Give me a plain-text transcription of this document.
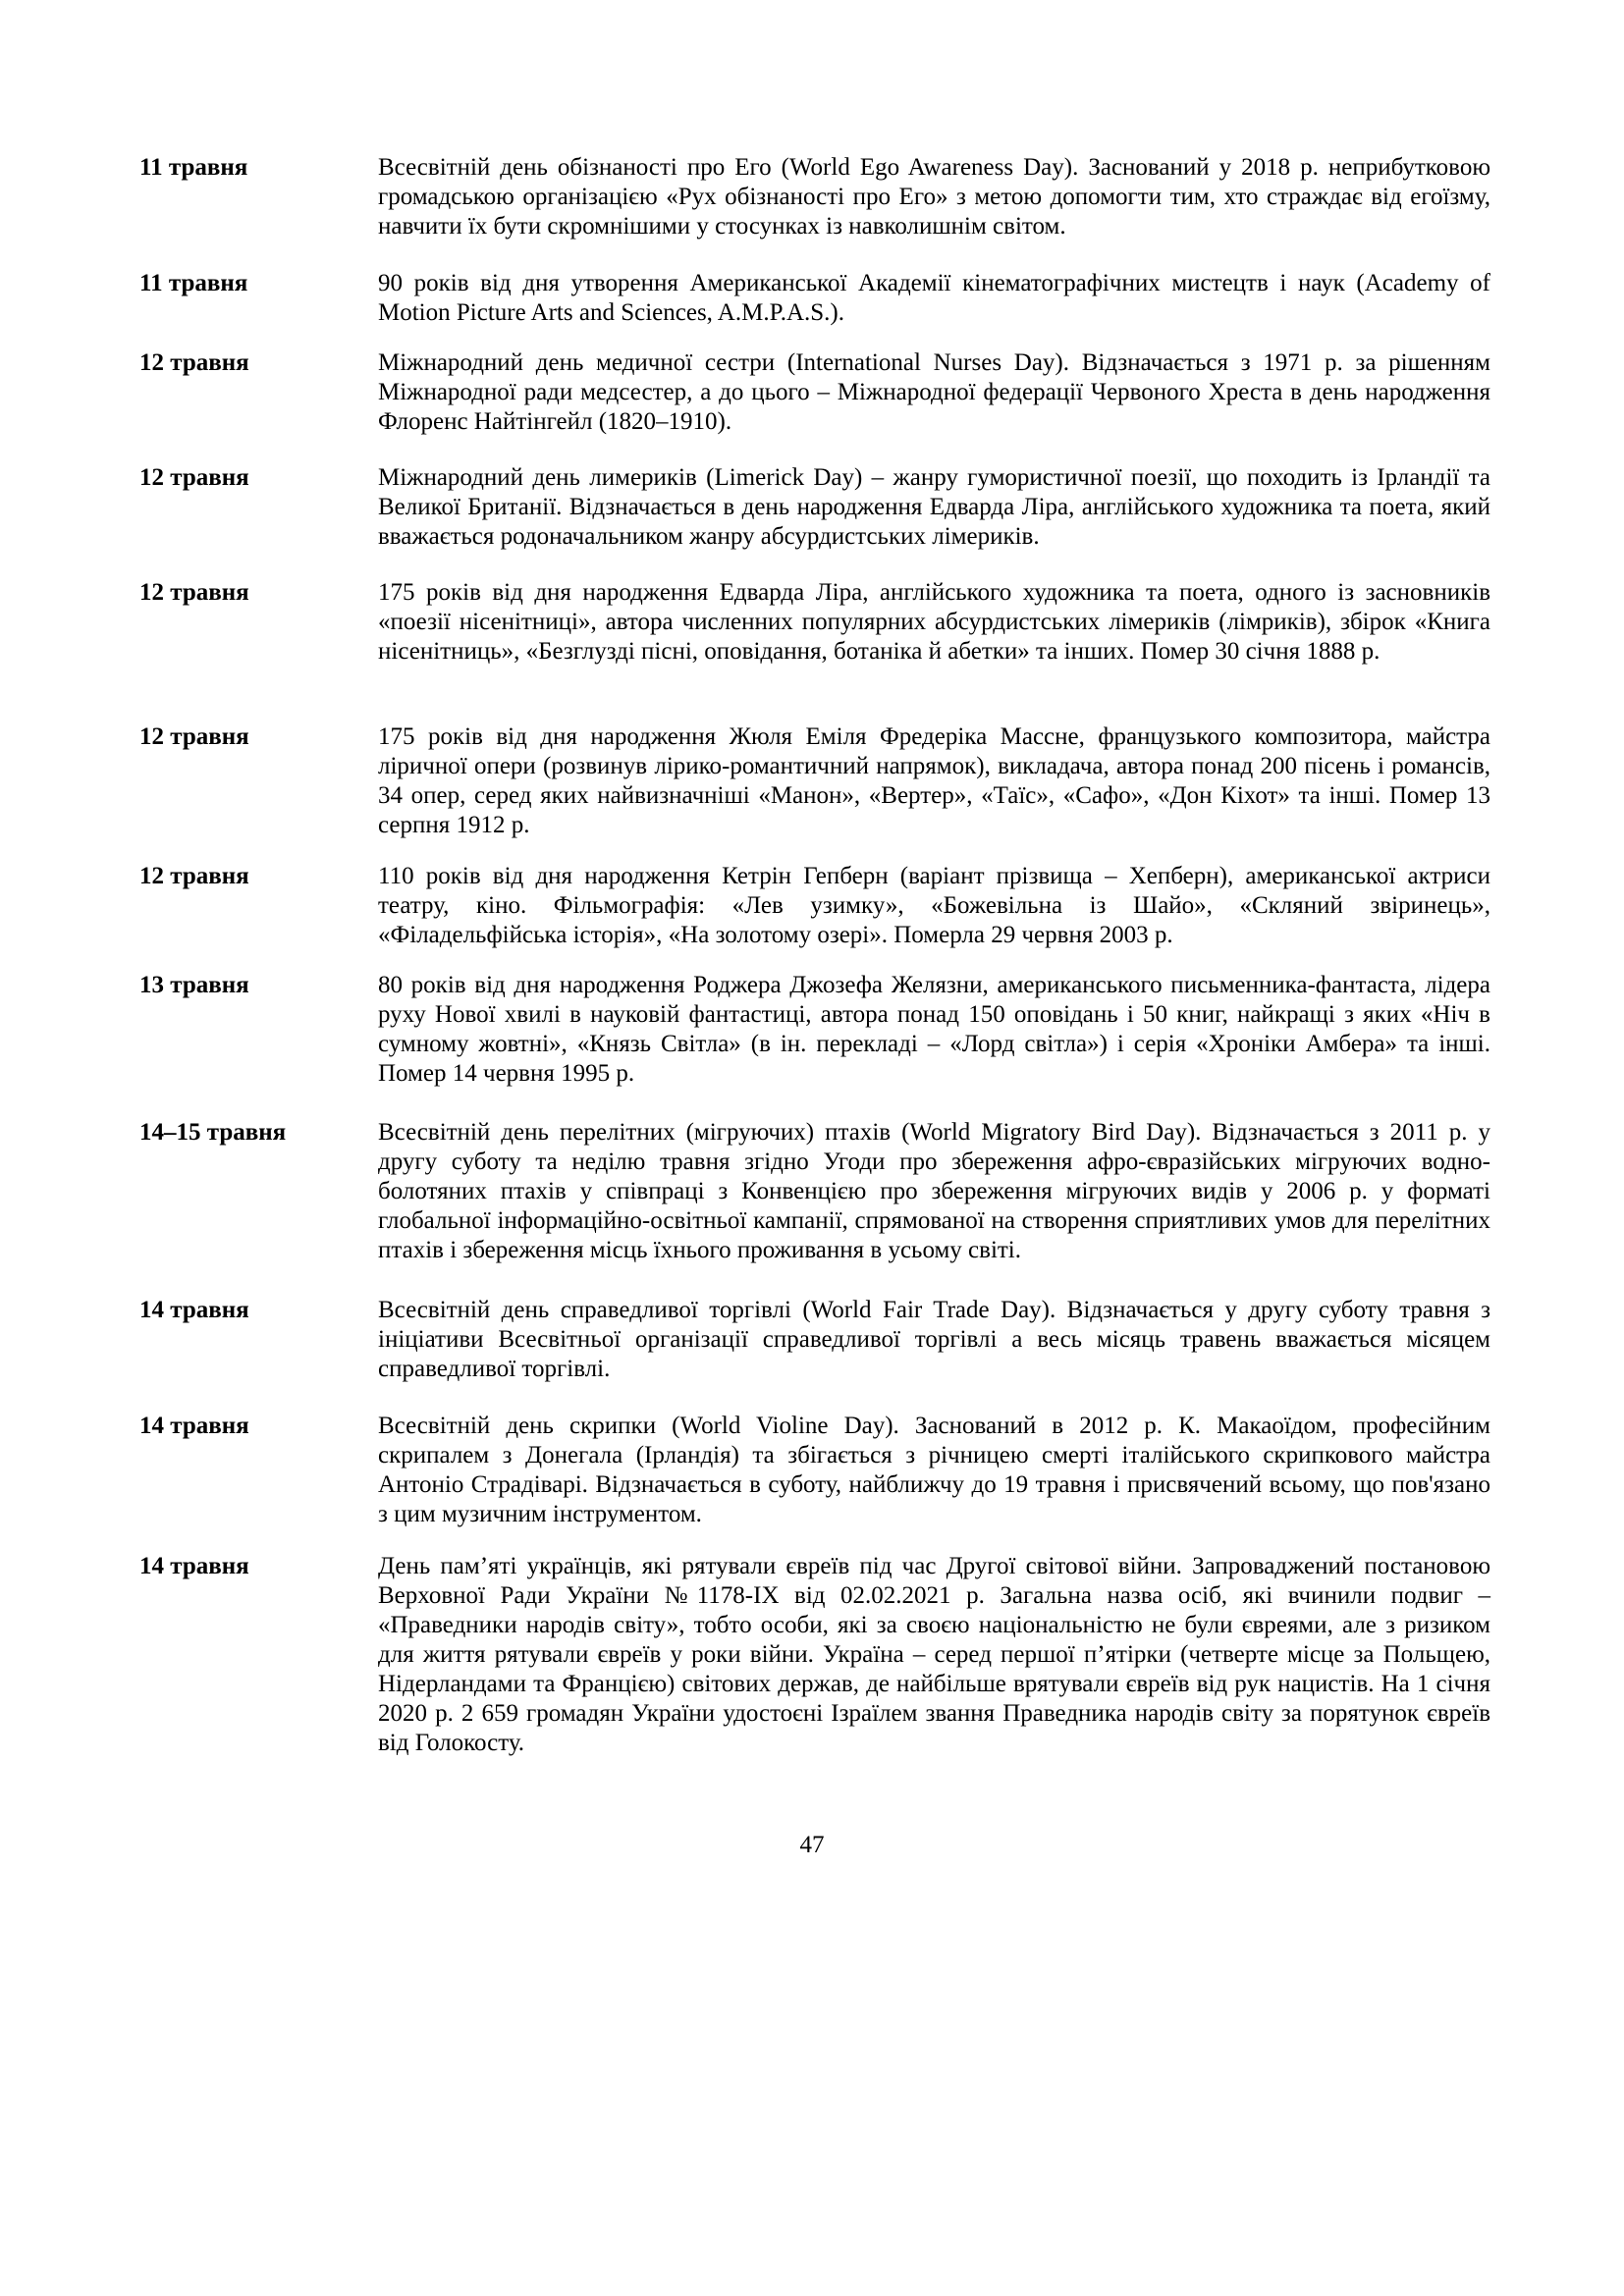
11 травня	Всесвітній день обізнаності про Его (World Ego Awareness Day). Заснований у 2018 р. неприбутковою громадською організацією «Рух обізнаності про Его» з метою допомогти тим, хто страждає від егоїзму, навчити їх бути скромнішими у стосунках із навколишнім світом.
11 травня	90 років від дня утворення Американської Академії кінематографічних мистецтв і наук (Academy of Motion Picture Arts and Sciences, A.M.P.A.S.).
12 травня	Міжнародний день медичної сестри (International Nurses Day). Відзначається з 1971 р. за рішенням Міжнародної ради медсестер, а до цього – Міжнародної федерації Червоного Хреста в день народження Флоренс Найтінгейл (1820–1910).
12 травня	Міжнародний день лимериків (Limerick Day) – жанру гумористичної поезії, що походить із Ірландії та Великої Британії. Відзначається в день народження Едварда Ліра, англійського художника та поета, який вважається родоначальником жанру абсурдистських лімериків.
12 травня	175 років від дня народження Едварда Ліра, англійського художника та поета, одного із засновників «поезії нісенітниці», автора численних популярних абсурдистських лімериків (лімриків), збірок «Книга нісенітниць», «Безглузді пісні, оповідання, ботаніка й абетки» та інших. Помер 30 січня 1888 р.
12 травня	175 років від дня народження Жюля Еміля Фредеріка Массне, французького композитора, майстра ліричної опери (розвинув лірико-романтичний напрямок), викладача, автора понад 200 пісень і романсів, 34 опер, серед яких найвизначніші «Манон», «Вертер», «Таїс», «Сафо», «Дон Кіхот» та інші. Помер 13 серпня 1912 р.
12 травня	110 років від дня народження Кетрін Гепберн (варіант прізвища – Хепберн), американської актриси театру, кіно. Фільмографія: «Лев узимку», «Божевільна із Шайо», «Скляний звіринець», «Філадельфійська історія», «На золотому озері». Померла 29 червня 2003 р.
13 травня	80 років від дня народження Роджера Джозефа Желязни, американського письменника-фантаста, лідера руху Нової хвилі в науковій фантастиці, автора понад 150 оповідань і 50 книг, найкращі з яких «Ніч в сумному жовтні», «Князь Світла» (в ін. перекладі – «Лорд світла») і серія «Хроніки Амбера» та інші. Помер 14 червня 1995 р.
14–15 травня	Всесвітній день перелітних (мігруючих) птахів (World Migratory Bird Day). Відзначається з 2011 р. у другу суботу та неділю травня згідно Угоди про збереження афро-євразійських мігруючих водно-болотяних птахів у співпраці з Конвенцією про збереження мігруючих видів у 2006 р. у форматі глобальної інформаційно-освітньої кампанії, спрямованої на створення сприятливих умов для перелітних птахів і збереження місць їхнього проживання в усьому світі.
14 травня	Всесвітній день справедливої торгівлі (World Fair Trade Day). Відзначається у другу суботу травня з ініціативи Всесвітньої організації справедливої торгівлі а весь місяць травень вважається місяцем справедливої торгівлі.
14 травня	Всесвітній день скрипки (World Violine Day). Заснований в 2012 р. К. Макаоїдом, професійним скрипалем з Донегала (Ірландія) та збігається з річницею смерті італійського скрипкового майстра Антоніо Страдіварі. Відзначається в суботу, найближчу до 19 травня і присвячений всьому, що пов'язано з цим музичним інструментом.
14 травня	День пам’яті українців, які рятували євреїв під час Другої світової війни. Запроваджений постановою Верховної Ради України №1178-IX від 02.02.2021 р. Загальна назва осіб, які вчинили подвиг – «Праведники народів світу», тобто особи, які за своєю національністю не були євреями, але з ризиком для життя рятували євреїв у роки війни. Україна – серед першої п’ятірки (четверте місце за Польщею, Нідерландами та Францією) світових держав, де найбільше врятували євреїв від рук нацистів. На 1 січня 2020 р. 2 659 громадян України удостоєні Ізраїлем звання Праведника народів світу за порятунок євреїв від Голокосту.
47
